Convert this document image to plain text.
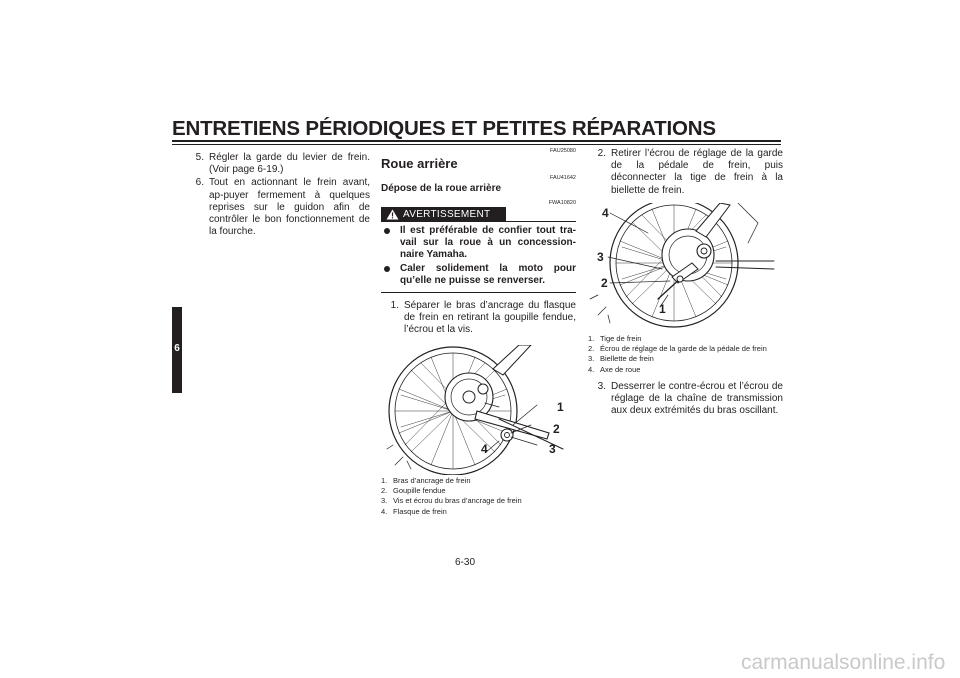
ENTRETIENS PÉRIODIQUES ET PETITES RÉPARATIONS
6
5. Régler la garde du levier de frein. (Voir page 6-19.)
6. Tout en actionnant le frein avant, ap-puyer fermement à quelques reprises sur le guidon afin de contrôler le bon fonctionnement de la fourche.
FAU25080
Roue arrière
FAU41642
Dépose de la roue arrière
FWA10820
AVERTISSEMENT
Il est préférable de confier tout tra-vail sur la roue à un concession-naire Yamaha.
Caler solidement la moto pour qu’elle ne puisse se renverser.
1. Séparer le bras d’ancrage du flasque de frein en retirant la goupille fendue, l’écrou et la vis.
1
2
3
4
1. Bras d’ancrage de frein
2. Goupille fendue
3. Vis et écrou du bras d’ancrage de frein
4. Flasque de frein
2. Retirer l’écrou de réglage de la garde de la pédale de frein, puis déconnecter la tige de frein à la biellette de frein.
4
3
2
1
1. Tige de frein
2. Écrou de réglage de la garde de la pédale de frein
3. Biellette de frein
4. Axe de roue
3. Desserrer le contre-écrou et l’écrou de réglage de la chaîne de transmission aux deux extrémités du bras oscillant.
6-30
carmanualsonline.info
